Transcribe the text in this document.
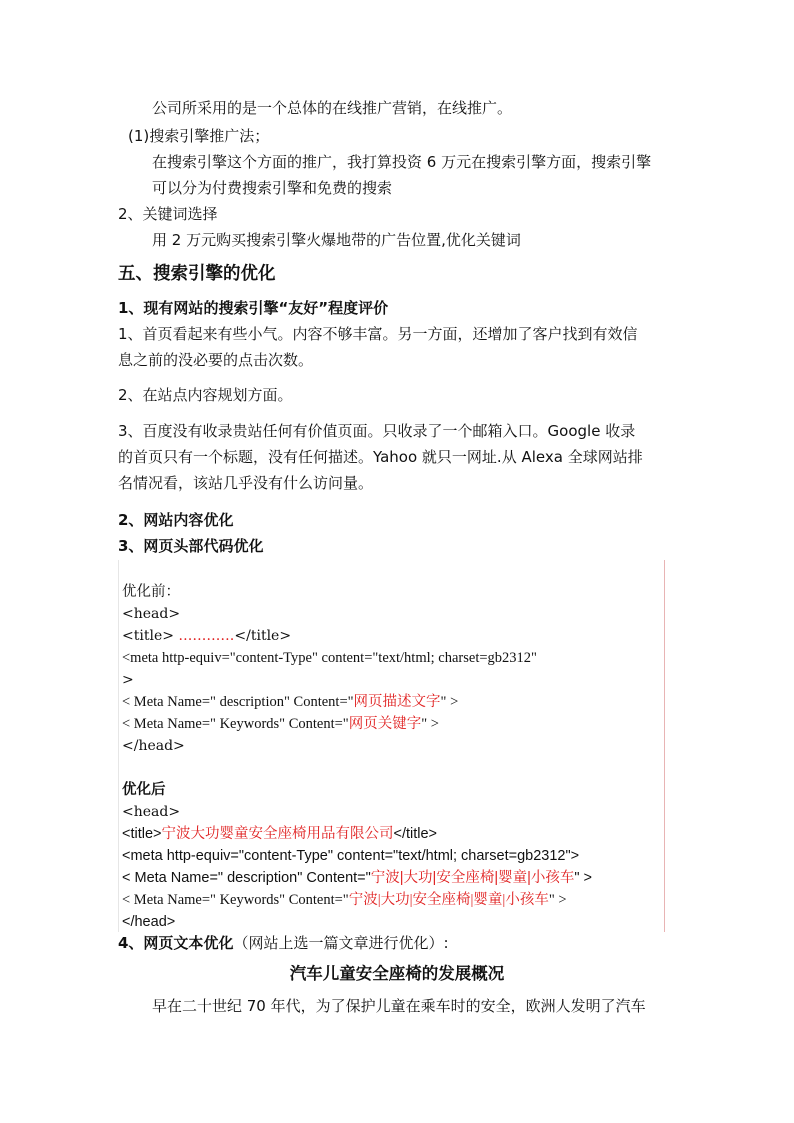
公司所采用的是一个总体的在线推广营销，在线推广。
(1)搜索引擎推广法；
在搜索引擎这个方面的推广，我打算投资 6 万元在搜索引擎方面，搜索引擎
可以分为付费搜索引擎和免费的搜索
2、关键词选择
用 2 万元购买搜索引擎火爆地带的广告位置,优化关键词
五、搜索引擎的优化
1、现有网站的搜索引擎“友好”程度评价
1、首页看起来有些小气。内容不够丰富。另一方面，还增加了客户找到有效信
息之前的没必要的点击次数。
2、在站点内容规划方面。
3、百度没有收录贵站任何有价值页面。只收录了一个邮箱入口。Google 收录
的首页只有一个标题，没有任何描述。Yahoo 就只一网址.从 Alexa 全球网站排
名情况看，该站几乎没有什么访问量。
2、网站内容优化
3、网页头部代码优化
优化前：
<head>
<title> …………</title>
<meta http-equiv="content-Type" content="text/html; charset=gb2312"
>
< Meta Name=" description" Content="网页描述文字" >
< Meta Name=" Keywords" Content="网页关键字" >
</head>
优化后
<head>
<title>宁波大功婴童安全座椅用品有限公司</title>
<meta http-equiv="content-Type" content="text/html; charset=gb2312">
< Meta Name=" description" Content="宁波|大功|安全座椅|婴童|小孩车" >
< Meta Name=" Keywords" Content="宁波|大功|安全座椅|婴童|小孩车" >
</head>
4、网页文本优化（网站上选一篇文章进行优化）:
汽车儿童安全座椅的发展概况
早在二十世纪 70 年代，为了保护儿童在乘车时的安全，欧洲人发明了汽车
